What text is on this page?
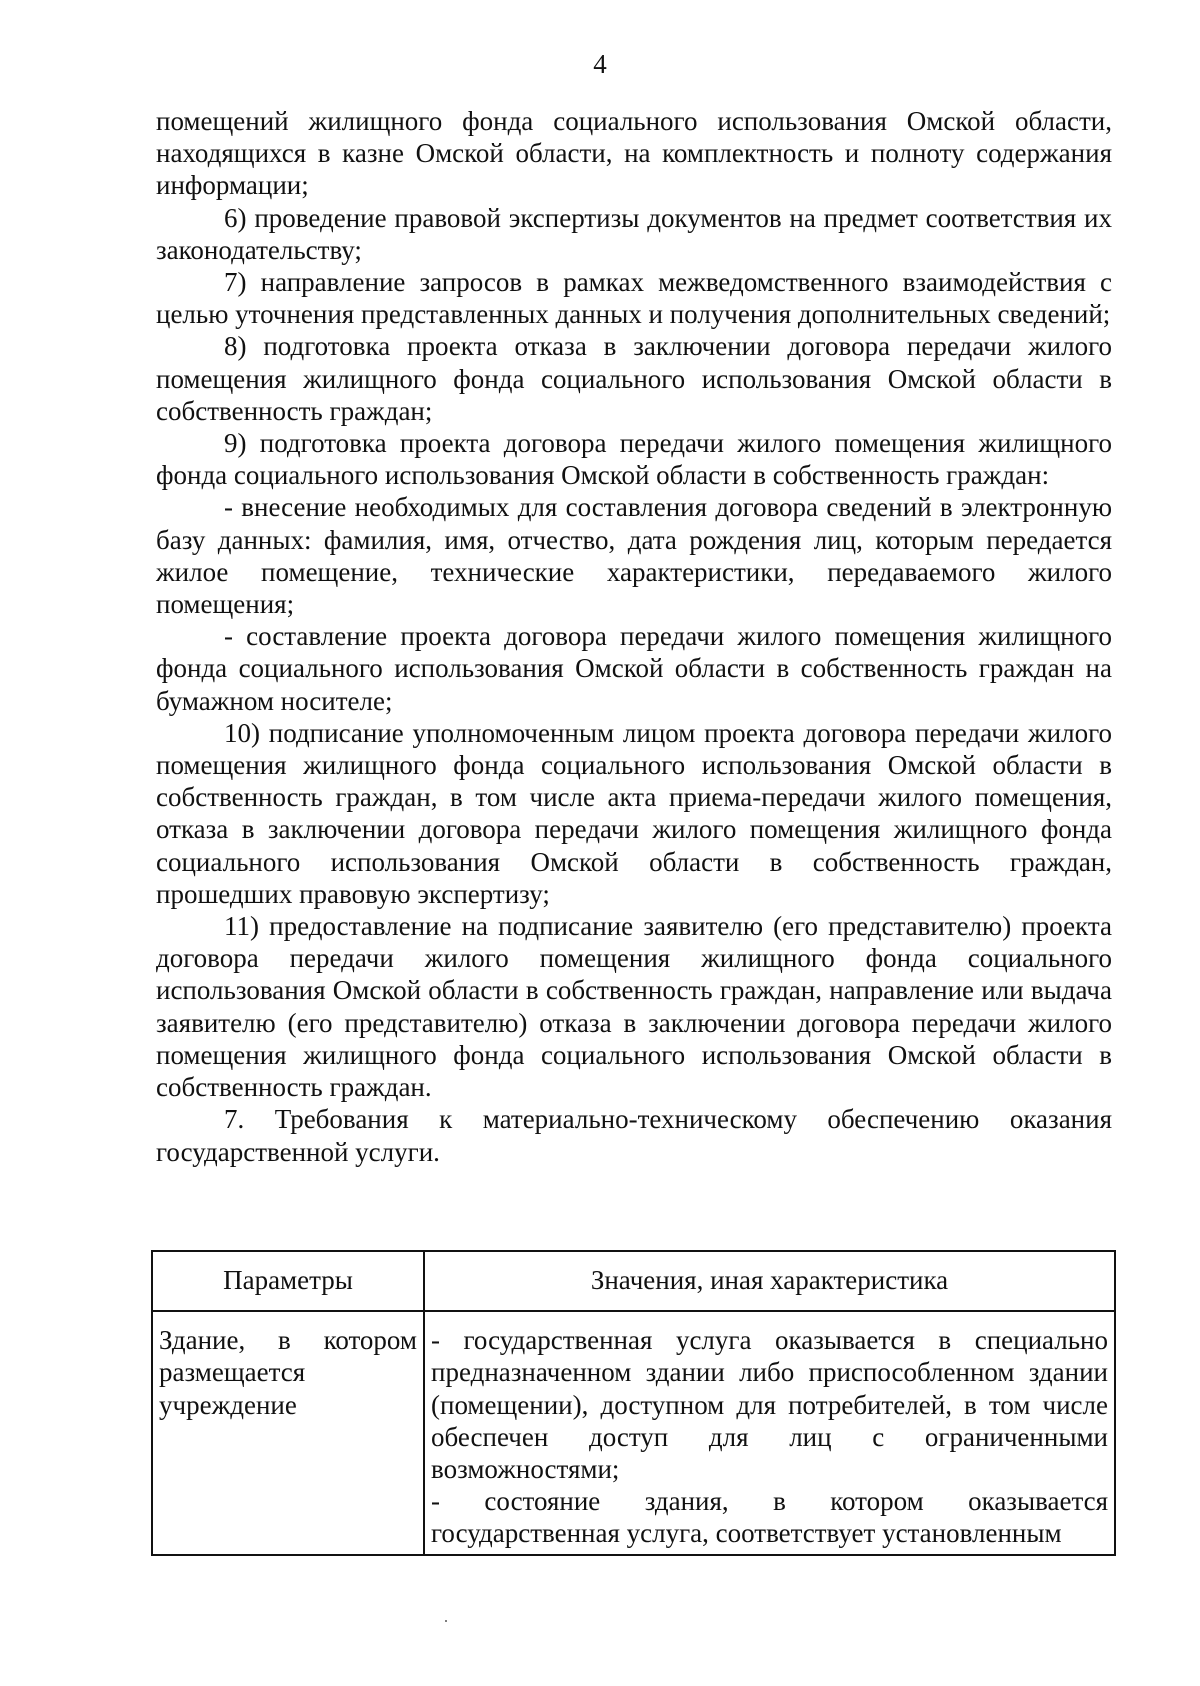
4

помещений жилищного фонда социального использования Омской области, находящихся в казне Омской области, на комплектность и полноту содержания информации;

6) проведение правовой экспертизы документов на предмет соответствия их законодательству;

7) направление запросов в рамках межведомственного взаимодействия с целью уточнения представленных данных и получения дополнительных сведений;

8) подготовка проекта отказа в заключении договора передачи жилого помещения жилищного фонда социального использования Омской области в собственность граждан;

9) подготовка проекта договора передачи жилого помещения жилищного фонда социального использования Омской области в собственность граждан:

- внесение необходимых для составления договора сведений в электронную базу данных: фамилия, имя, отчество, дата рождения лиц, которым передается жилое помещение, технические характеристики, передаваемого жилого помещения;

- составление проекта договора передачи жилого помещения жилищного фонда социального использования Омской области в собственность граждан на бумажном носителе;

10) подписание уполномоченным лицом проекта договора передачи жилого помещения жилищного фонда социального использования Омской области в собственность граждан, в том числе акта приема-передачи жилого помещения, отказа в заключении договора передачи жилого помещения жилищного фонда социального использования Омской области в собственность граждан, прошедших правовую экспертизу;

11) предоставление на подписание заявителю (его представителю) проекта договора передачи жилого помещения жилищного фонда социального использования Омской области в собственность граждан, направление или выдача заявителю (его представителю) отказа в заключении договора передачи жилого помещения жилищного фонда социального использования Омской области в собственность граждан.

7. Требования к материально-техническому обеспечению оказания государственной услуги.

Параметры	Значения, иная характеристика
Здание, в котором размещается учреждение	- государственная услуга оказывается в специально предназначенном здании либо приспособленном здании (помещении), доступном для потребителей, в том числе обеспечен доступ для лиц с ограниченными возможностями;
- состояние здания, в котором оказывается государственная услуга, соответствует установленным
